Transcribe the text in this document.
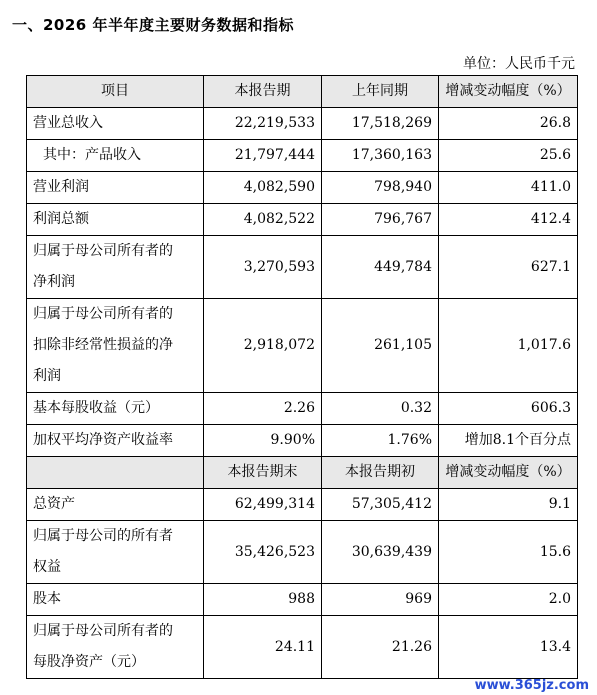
一、2026 年半年度主要财务数据和指标
单位：人民币千元
项目	本报告期	上年同期	增减变动幅度（%）

营业总收入	22,219,533	17,518,269	26.8

其中：产品收入	21,797,444	17,360,163	25.6

营业利润	4,082,590	798,940	411.0

利润总额	4,082,522	796,767	412.4

归属于母公司所有者的
净利润	3,270,593	449,784	627.1

归属于母公司所有者的
扣除非经常性损益的净
利润	2,918,072	261,105	1,017.6

基本每股收益（元）	2.26	0.32	606.3

加权平均净资产收益率	9.90%	1.76%	增加8.1个百分点
	本报告期末	本报告期初	增减变动幅度（%）

总资产	62,499,314	57,305,412	9.1

归属于母公司的所有者
权益	35,426,523	30,639,439	15.6

股本	988	969	2.0

归属于母公司所有者的
每股净资产（元）	24.11	21.26	13.4
www.365jz.com
